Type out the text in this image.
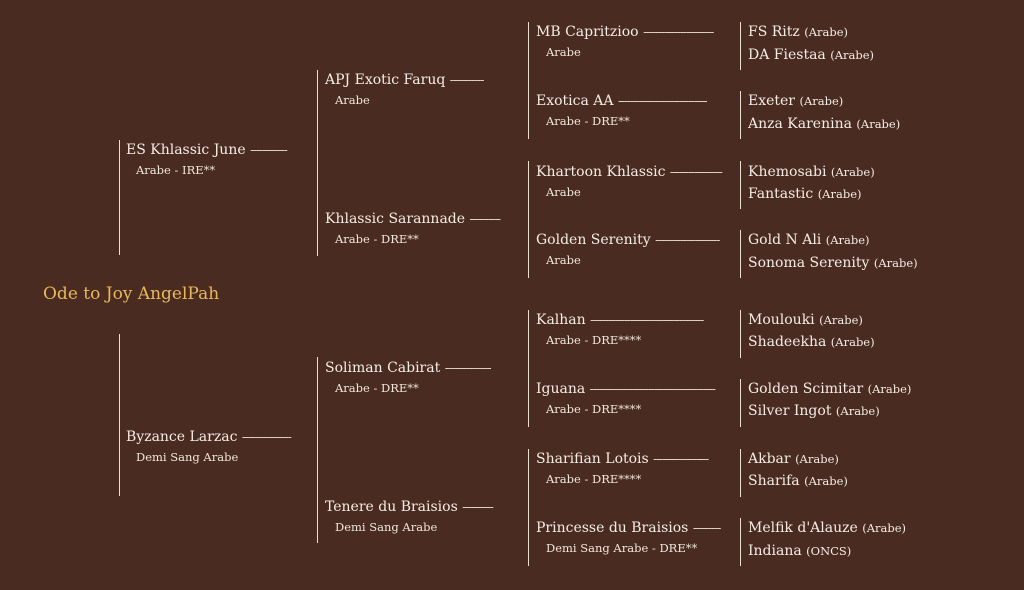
Ode to Joy AngelPah
ES Khlassic June ------------
Arabe - IRE**
Byzance Larzac ----------------
Demi Sang Arabe
APJ Exotic Faruq -----------
Arabe
Khlassic Sarannade ----------
Arabe - DRE**
Soliman Cabirat ---------------
Arabe - DRE**
Tenere du Braisios ----------
Demi Sang Arabe
MB Capritzioo -----------------------
Arabe
Exotica AA -----------------------------
Arabe - DRE**
Khartoon Khlassic -----------------
Arabe
Golden Serenity ---------------------
Arabe
Kalhan -------------------------------------
Arabe - DRE****
Iguana -----------------------------------------
Arabe - DRE****
Sharifian Lotois ------------------
Arabe - DRE****
Princesse du Braisios ---------
Demi Sang Arabe - DRE**
FS Ritz (Arabe)
DA Fiestaa (Arabe)
Exeter (Arabe)
Anza Karenina (Arabe)
Khemosabi (Arabe)
Fantastic (Arabe)
Gold N Ali (Arabe)
Sonoma Serenity (Arabe)
Moulouki (Arabe)
Shadeekha (Arabe)
Golden Scimitar (Arabe)
Silver Ingot (Arabe)
Akbar (Arabe)
Sharifa (Arabe)
Melfik d'Alauze (Arabe)
Indiana (ONCS)
